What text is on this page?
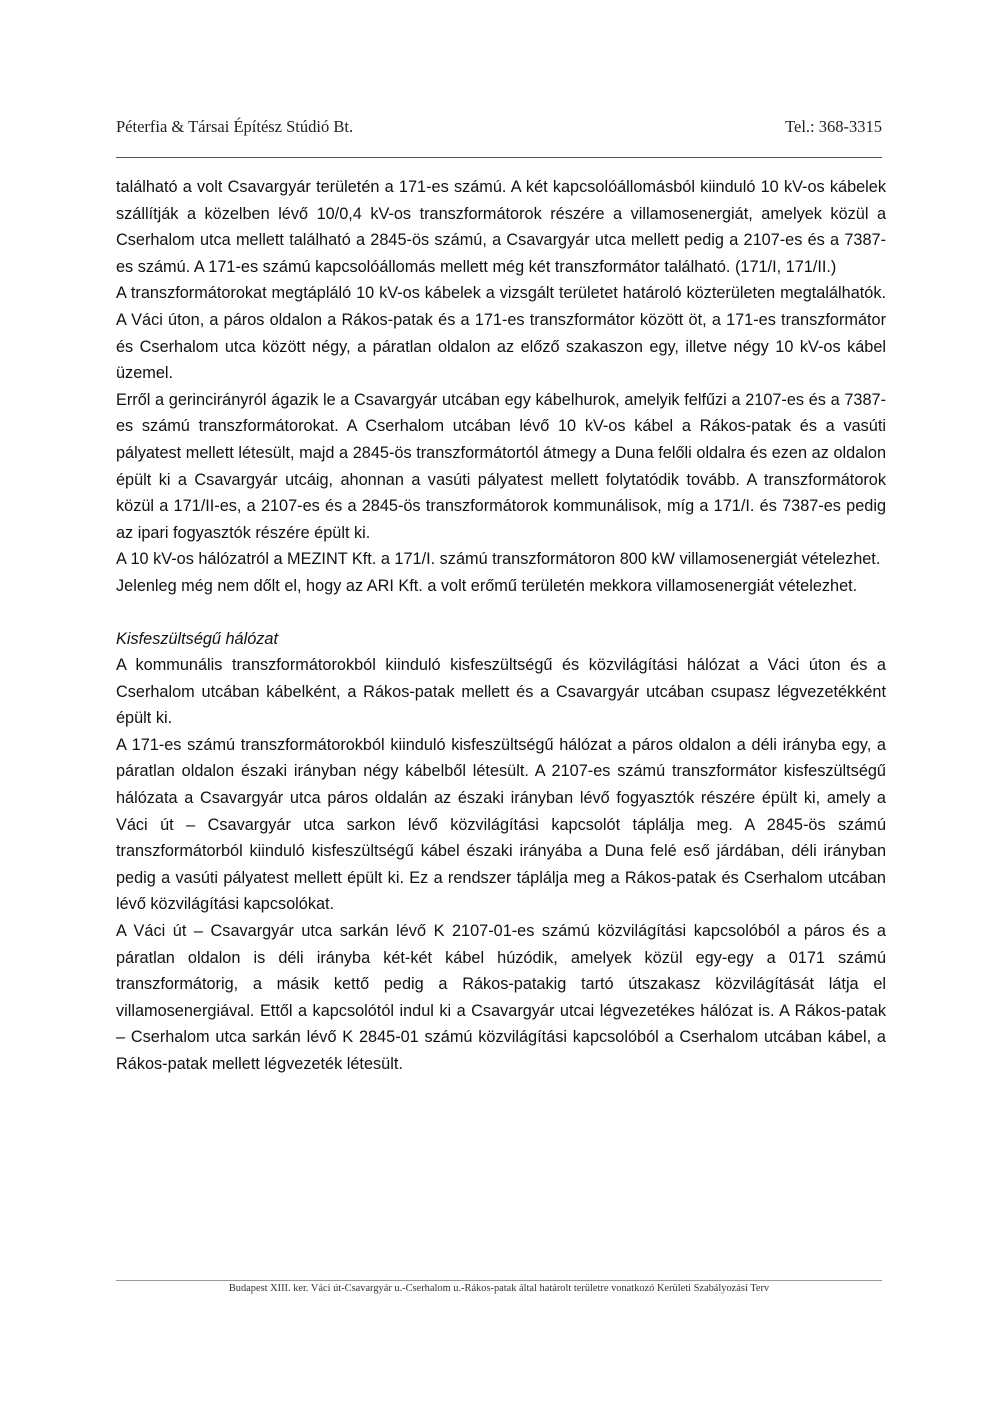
Péterfia & Társai Építész Stúdió Bt.	Tel.: 368-3315

található a volt Csavargyár területén a 171-es számú. A két kapcsolóállomásból kiinduló 10 kV-os kábelek szállítják a közelben lévő 10/0,4 kV-os transzformátorok részére a villamosenergiát, amelyek közül a Cserhalom utca mellett található a 2845-ös számú, a Csavargyár utca mellett pedig a 2107-es és a 7387-es számú. A 171-es számú kapcsolóállomás mellett még két transzformátor található. (171/I, 171/II.)

A transzformátorokat megtápláló 10 kV-os kábelek a vizsgált területet határoló közterületen megtalálhatók. A Váci úton, a páros oldalon a Rákos-patak és a 171-es transzformátor között öt, a 171-es transzformátor és Cserhalom utca között négy, a páratlan oldalon az előző szakaszon egy, illetve négy 10 kV-os kábel üzemel.

Erről a gerincirányról ágazik le a Csavargyár utcában egy kábelhurok, amelyik felfűzi a 2107-es és a 7387-es számú transzformátorokat. A Cserhalom utcában lévő 10 kV-os kábel a Rákos-patak és a vasúti pályatest mellett létesült, majd a 2845-ös transzformátortól átmegy a Duna felőli oldalra és ezen az oldalon épült ki a Csavargyár utcáig, ahonnan a vasúti pályatest mellett folytatódik tovább. A transzformátorok közül a 171/II-es, a 2107-es és a 2845-ös transzformátorok kommunálisok, míg a 171/I. és 7387-es pedig az ipari fogyasztók részére épült ki.

A 10 kV-os hálózatról a MEZINT Kft. a 171/I. számú transzformátoron 800 kW villamosenergiát vételezhet. Jelenleg még nem dőlt el, hogy az ARI Kft. a volt erőmű területén mekkora villamosenergiát vételezhet.

Kisfeszültségű hálózat

A kommunális transzformátorokból kiinduló kisfeszültségű és közvilágítási hálózat a Váci úton és a Cserhalom utcában kábelként, a Rákos-patak mellett és a Csavargyár utcában csupasz légvezetékként épült ki.

A 171-es számú transzformátorokból kiinduló kisfeszültségű hálózat a páros oldalon a déli irányba egy, a páratlan oldalon északi irányban négy kábelből létesült. A 2107-es számú transzformátor kisfeszültségű hálózata a Csavargyár utca páros oldalán az északi irányban lévő fogyasztók részére épült ki, amely a Váci út – Csavargyár utca sarkon lévő közvilágítási kapcsolót táplálja meg. A 2845-ös számú transzformátorból kiinduló kisfeszültségű kábel északi irányába a Duna felé eső járdában, déli irányban pedig a vasúti pályatest mellett épült ki. Ez a rendszer táplálja meg a Rákos-patak és Cserhalom utcában lévő közvilágítási kapcsolókat.

A Váci út – Csavargyár utca sarkán lévő K 2107-01-es számú közvilágítási kapcsolóból a páros és a páratlan oldalon is déli irányba két-két kábel húzódik, amelyek közül egy-egy a 0171 számú transzformátorig, a másik kettő pedig a Rákos-patakig tartó útszakasz közvilágítását látja el villamosenergiával. Ettől a kapcsolótól indul ki a Csavargyár utcai légvezetékes hálózat is. A Rákos-patak – Cserhalom utca sarkán lévő K 2845-01 számú közvilágítási kapcsolóból a Cserhalom utcában kábel, a Rákos-patak mellett légvezeték létesült.

Budapest XIII. ker. Váci út-Csavargyár u.-Cserhalom u.-Rákos-patak által határolt területre vonatkozó Kerületi Szabályozási Terv
